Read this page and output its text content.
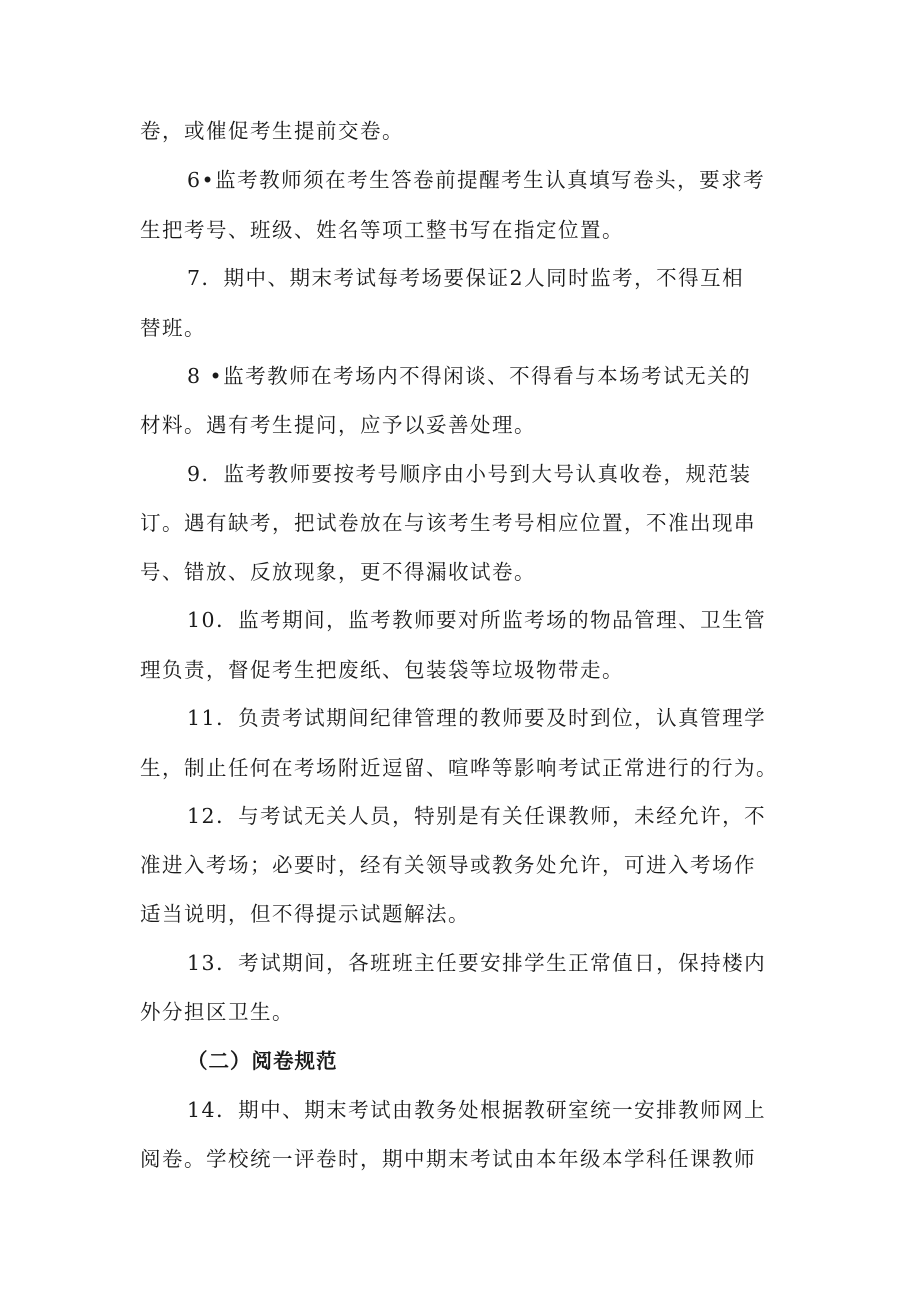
卷，或催促考生提前交卷。
6•监考教师须在考生答卷前提醒考生认真填写卷头，要求考
生把考号、班级、姓名等项工整书写在指定位置。
7．期中、期末考试每考场要保证2人同时监考，不得互相
替班。
8 •监考教师在考场内不得闲谈、不得看与本场考试无关的
材料。遇有考生提问，应予以妥善处理。
9．监考教师要按考号顺序由小号到大号认真收卷，规范装
订。遇有缺考，把试卷放在与该考生考号相应位置，不准出现串
号、错放、反放现象，更不得漏收试卷。
10．监考期间，监考教师要对所监考场的物品管理、卫生管
理负责，督促考生把废纸、包装袋等垃圾物带走。
11．负责考试期间纪律管理的教师要及时到位，认真管理学
生，制止任何在考场附近逗留、喧哗等影响考试正常进行的行为。
12．与考试无关人员，特别是有关任课教师，未经允许，不
准进入考场；必要时，经有关领导或教务处允许，可进入考场作
适当说明，但不得提示试题解法。
13．考试期间，各班班主任要安排学生正常值日，保持楼内
外分担区卫生。
（二）阅卷规范
14．期中、期末考试由教务处根据教研室统一安排教师网上
阅卷。学校统一评卷时，期中期末考试由本年级本学科任课教师
